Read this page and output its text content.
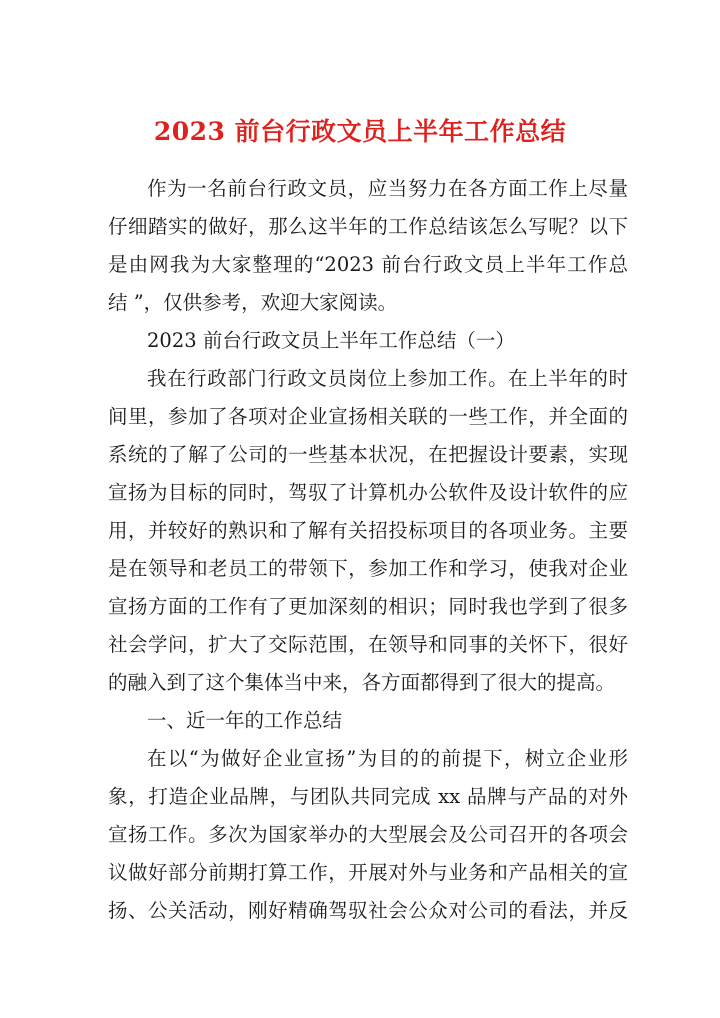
2023 前台行政文员上半年工作总结

作为一名前台行政文员，应当努力在各方面工作上尽量
仔细踏实的做好，那么这半年的工作总结该怎么写呢？以下
是由网我为大家整理的“2023 前台行政文员上半年工作总
结 ”，仅供参考，欢迎大家阅读。

2023 前台行政文员上半年工作总结（一）

我在行政部门行政文员岗位上参加工作。在上半年的时
间里，参加了各项对企业宣扬相关联的一些工作，并全面的
系统的了解了公司的一些基本状况，在把握设计要素，实现
宣扬为目标的同时，驾驭了计算机办公软件及设计软件的应
用，并较好的熟识和了解有关招投标项目的各项业务。主要
是在领导和老员工的带领下，参加工作和学习，使我对企业
宣扬方面的工作有了更加深刻的相识；同时我也学到了很多
社会学问，扩大了交际范围，在领导和同事的关怀下，很好
的融入到了这个集体当中来，各方面都得到了很大的提高。

一、近一年的工作总结

在以“为做好企业宣扬”为目的的前提下，树立企业形
象，打造企业品牌，与团队共同完成 xx 品牌与产品的对外
宣扬工作。多次为国家举办的大型展会及公司召开的各项会
议做好部分前期打算工作，开展对外与业务和产品相关的宣
扬、公关活动，刚好精确驾驭社会公众对公司的看法，并反
